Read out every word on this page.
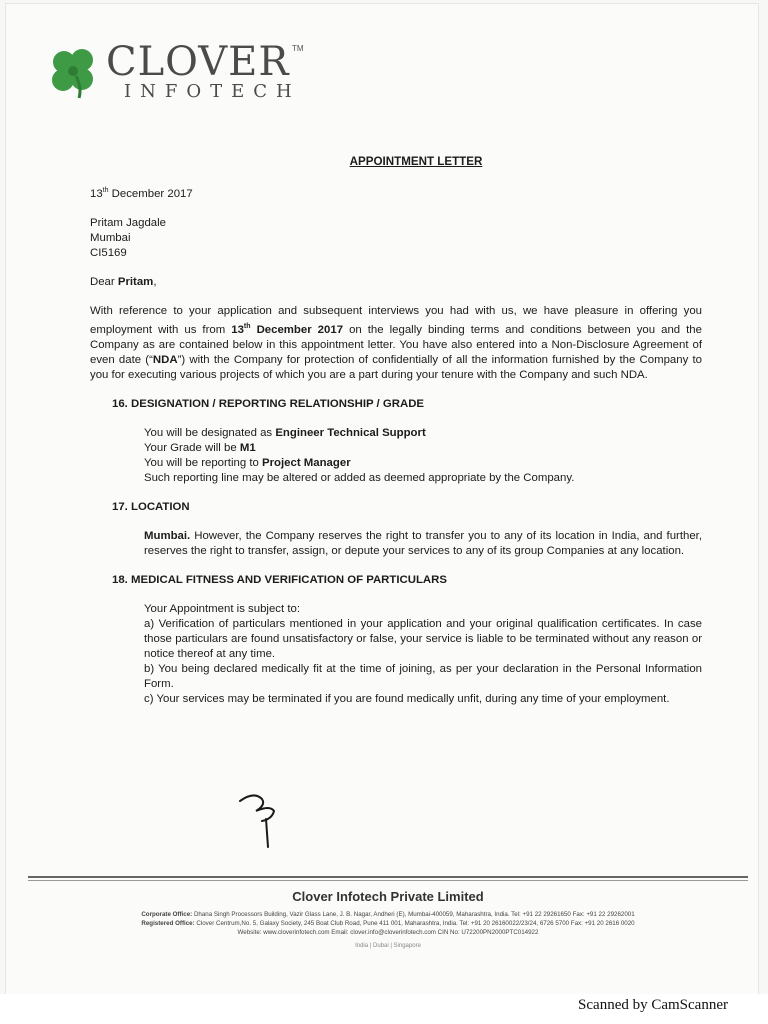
CLOVER TM
INFOTECH
APPOINTMENT LETTER

13th December 2017

Pritam Jagdale
Mumbai
CI5169

Dear Pritam,

With reference to your application and subsequent interviews you had with us, we have pleasure in offering you employment with us from 13th December 2017 on the legally binding terms and conditions between you and the Company as are contained below in this appointment letter. You have also entered into a Non-Disclosure Agreement of even date (“NDA”) with the Company for protection of confidentially of all the information furnished by the Company to you for executing various projects of which you are a part during your tenure with the Company and such NDA.

16. DESIGNATION / REPORTING RELATIONSHIP / GRADE

You will be designated as Engineer Technical Support
Your Grade will be M1
You will be reporting to Project Manager
Such reporting line may be altered or added as deemed appropriate by the Company.

17. LOCATION

Mumbai. However, the Company reserves the right to transfer you to any of its location in India, and further, reserves the right to transfer, assign, or depute your services to any of its group Companies at any location.

18. MEDICAL FITNESS AND VERIFICATION OF PARTICULARS

Your Appointment is subject to:
a) Verification of particulars mentioned in your application and your original qualification certificates. In case those particulars are found unsatisfactory or false, your service is liable to be terminated without any reason or notice thereof at any time.
b) You being declared medically fit at the time of joining, as per your declaration in the Personal Information Form.
c) Your services may be terminated if you are found medically unfit, during any time of your employment.
Clover Infotech Private Limited
Corporate Office: Dhana Singh Processors Building, Vazir Glass Lane, J. B. Nagar, Andheri (E), Mumbai-400059, Maharashtra, India. Tel: +91 22 29261650 Fax: +91 22 29262001
Registered Office: Clover Centrum,No. 5, Galaxy Society, 245 Boat Club Road, Pune 411 001, Maharashtra, India. Tel: +91 20 26160022/23/24, 6726 5700 Fax: +91 20 2616 0020
Website: www.cloverinfotech.com Email: clover.info@cloverinfotech.com CIN No: U72200PN2000PTC014922
India | Dubai | Singapore
Scanned by CamScanner
